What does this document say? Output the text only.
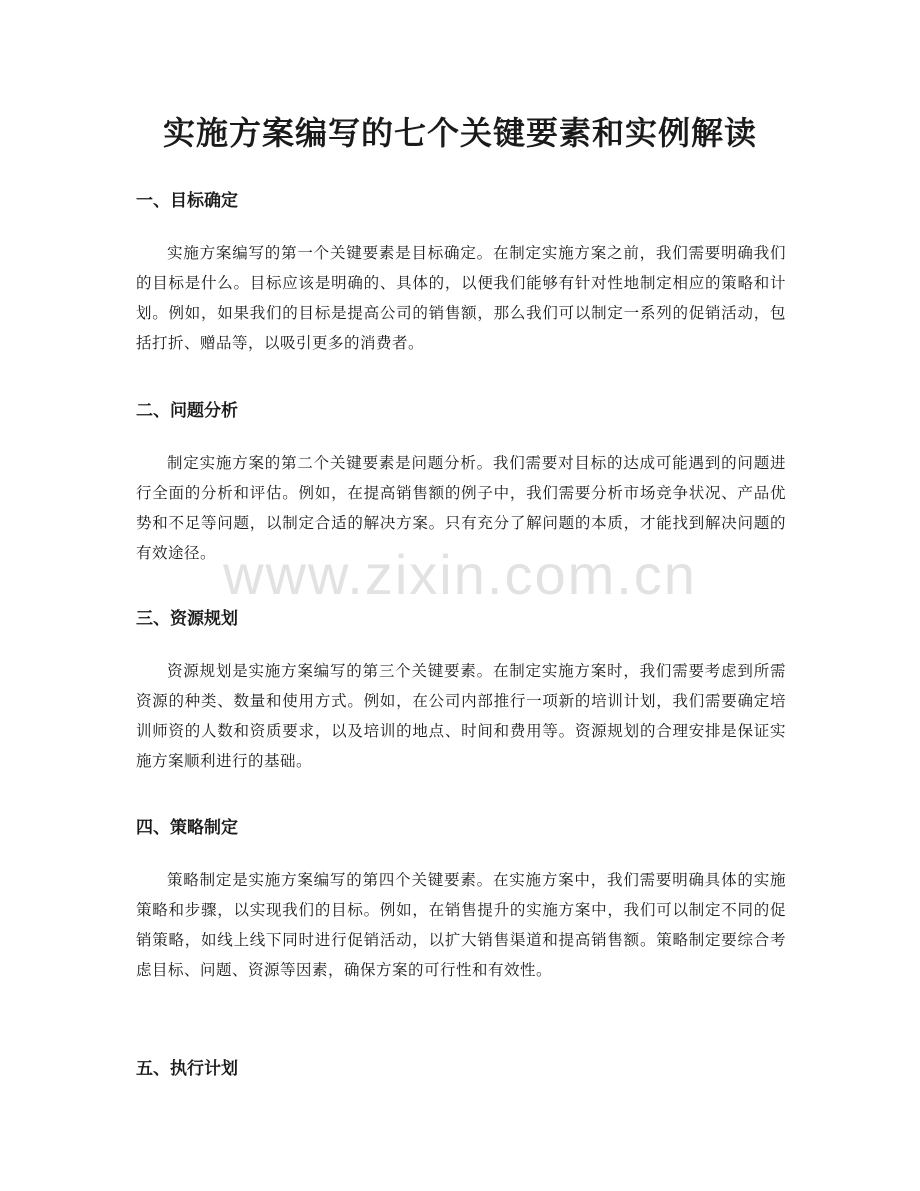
实施方案编写的七个关键要素和实例解读
一、目标确定

实施方案编写的第一个关键要素是目标确定。在制定实施方案之前，我们需要明确我们的目标是什么。目标应该是明确的、具体的，以便我们能够有针对性地制定相应的策略和计划。例如，如果我们的目标是提高公司的销售额，那么我们可以制定一系列的促销活动，包括打折、赠品等，以吸引更多的消费者。

二、问题分析

制定实施方案的第二个关键要素是问题分析。我们需要对目标的达成可能遇到的问题进行全面的分析和评估。例如，在提高销售额的例子中，我们需要分析市场竞争状况、产品优势和不足等问题，以制定合适的解决方案。只有充分了解问题的本质，才能找到解决问题的有效途径。

三、资源规划

资源规划是实施方案编写的第三个关键要素。在制定实施方案时，我们需要考虑到所需资源的种类、数量和使用方式。例如，在公司内部推行一项新的培训计划，我们需要确定培训师资的人数和资质要求，以及培训的地点、时间和费用等。资源规划的合理安排是保证实施方案顺利进行的基础。

四、策略制定

策略制定是实施方案编写的第四个关键要素。在实施方案中，我们需要明确具体的实施策略和步骤，以实现我们的目标。例如，在销售提升的实施方案中，我们可以制定不同的促销策略，如线上线下同时进行促销活动，以扩大销售渠道和提高销售额。策略制定要综合考虑目标、问题、资源等因素，确保方案的可行性和有效性。

五、执行计划
www.zixin.com.cn
